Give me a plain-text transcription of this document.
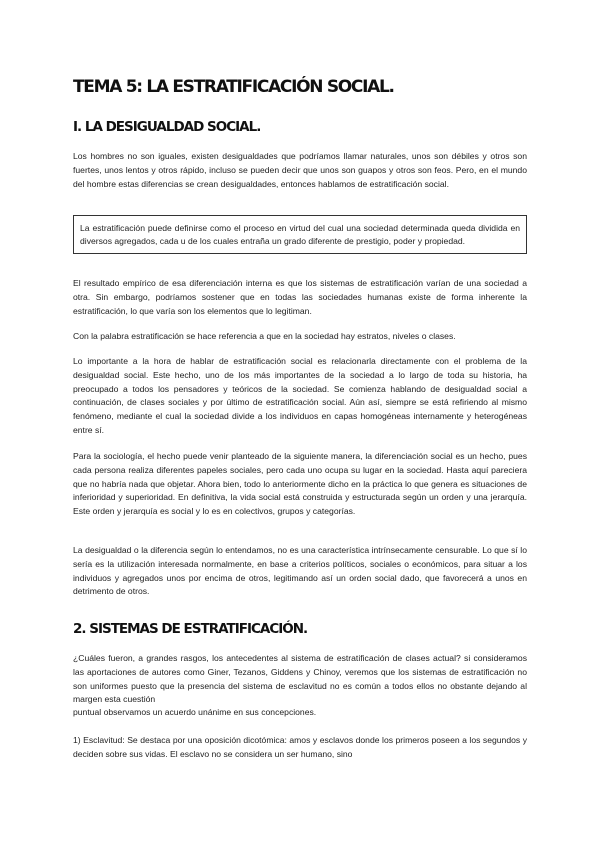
TEMA 5: LA ESTRATIFICACIÓN SOCIAL.
I. LA DESIGUALDAD SOCIAL.

Los hombres no son iguales, existen desigualdades que podríamos llamar naturales, unos son débiles y otros son fuertes, unos lentos y otros rápido, incluso se pueden decir que unos son guapos y otros son feos. Pero, en el mundo del hombre estas diferencias se crean desigualdades, entonces hablamos de estratificación social.

La estratificación puede definirse como el proceso en virtud del cual una sociedad determinada queda dividida en diversos agregados, cada u de los cuales entraña un grado diferente de prestigio, poder y propiedad.

El resultado empírico de esa diferenciación interna es que los sistemas de estratificación varían de una sociedad a otra. Sin embargo, podríamos sostener que en todas las sociedades humanas existe de forma inherente la estratificación, lo que varía son los elementos que lo legitiman.

Con la palabra estratificación se hace referencia a que en la sociedad hay estratos, niveles o clases.

Lo importante a la hora de hablar de estratificación social es relacionarla directamente con el problema de la desigualdad social. Este hecho, uno de los más importantes de la sociedad a lo largo de toda su historia, ha preocupado a todos los pensadores y teóricos de la sociedad. Se comienza hablando de desigualdad social a continuación, de clases sociales y por último de estratificación social. Aún así, siempre se está refiriendo al mismo fenómeno, mediante el cual la sociedad divide a los individuos en capas homogéneas internamente y heterogéneas entre sí.

Para la sociología, el hecho puede venir planteado de la siguiente manera, la diferenciación social es un hecho, pues cada persona realiza diferentes papeles sociales, pero cada uno ocupa su lugar en la sociedad. Hasta aquí pareciera que no habría nada que objetar. Ahora bien, todo lo anteriormente dicho en la práctica lo que genera es situaciones de inferioridad y superioridad. En definitiva, la vida social está construida y estructurada según un orden y una jerarquía. Este orden y jerarquía es social y lo es en colectivos, grupos y categorías.

La desigualdad o la diferencia según lo entendamos, no es una característica intrínsecamente censurable. Lo que sí lo sería es la utilización interesada normalmente, en base a criterios políticos, sociales o económicos, para situar a los individuos y agregados unos por encima de otros, legitimando así un orden social dado, que favorecerá a unos en detrimento de otros.

2. SISTEMAS DE ESTRATIFICACIÓN.

¿Cuáles fueron, a grandes rasgos, los antecedentes al sistema de estratificación de clases actual? si consideramos las aportaciones de autores como Giner, Tezanos, Giddens y Chinoy, veremos que los sistemas de estratificación no son uniformes puesto que la presencia del sistema de esclavitud no es común a todos ellos no obstante dejando al margen esta cuestión

puntual observamos un acuerdo unánime en sus concepciones.

1) Esclavitud: Se destaca por una oposición dicotómica: amos y esclavos donde los primeros poseen a los segundos y deciden sobre sus vidas. El esclavo no se considera un ser humano, sino
